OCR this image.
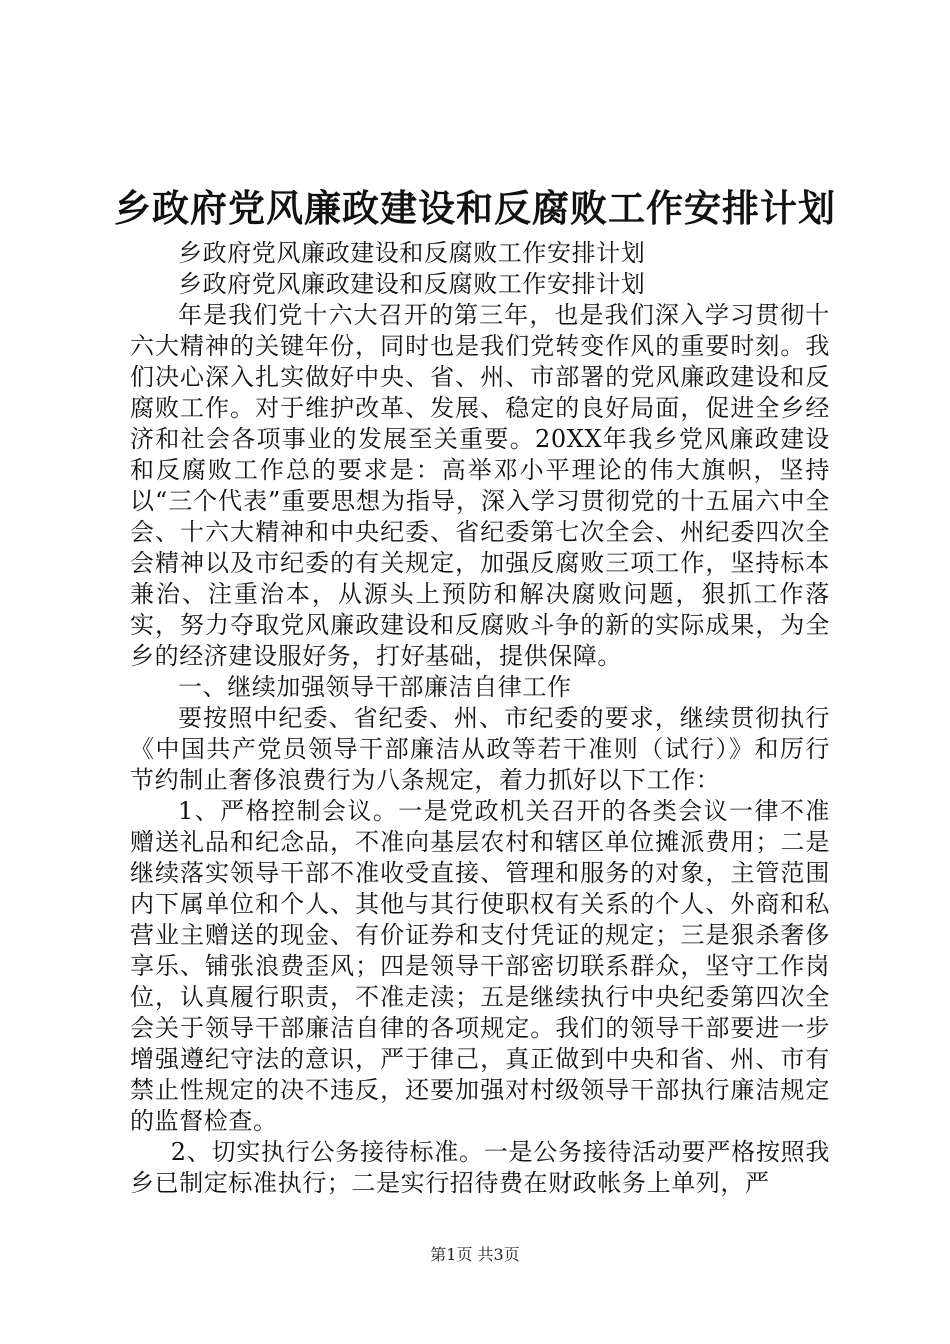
乡政府党风廉政建设和反腐败工作安排计划

乡政府党风廉政建设和反腐败工作安排计划

乡政府党风廉政建设和反腐败工作安排计划

年是我们党十六大召开的第三年，也是我们深入学习贯彻十六大精神的关键年份，同时也是我们党转变作风的重要时刻。我们决心深入扎实做好中央、省、州、市部署的党风廉政建设和反腐败工作。对于维护改革、发展、稳定的良好局面，促进全乡经济和社会各项事业的发展至关重要。20XX年我乡党风廉政建设和反腐败工作总的要求是：高举邓小平理论的伟大旗帜，坚持以“三个代表”重要思想为指导，深入学习贯彻党的十五届六中全会、十六大精神和中央纪委、省纪委第七次全会、州纪委四次全会精神以及市纪委的有关规定，加强反腐败三项工作，坚持标本兼治、注重治本，从源头上预防和解决腐败问题，狠抓工作落实，努力夺取党风廉政建设和反腐败斗争的新的实际成果，为全乡的经济建设服好务，打好基础，提供保障。

一、继续加强领导干部廉洁自律工作

要按照中纪委、省纪委、州、市纪委的要求，继续贯彻执行《中国共产党员领导干部廉洁从政等若干准则（试行）》和厉行节约制止奢侈浪费行为八条规定，着力抓好以下工作：

1、严格控制会议。一是党政机关召开的各类会议一律不准赠送礼品和纪念品，不准向基层农村和辖区单位摊派费用；二是继续落实领导干部不准收受直接、管理和服务的对象，主管范围内下属单位和个人、其他与其行使职权有关系的个人、外商和私营业主赠送的现金、有价证券和支付凭证的规定；三是狠杀奢侈享乐、铺张浪费歪风；四是领导干部密切联系群众，坚守工作岗位，认真履行职责，不准走渎；五是继续执行中央纪委第四次全会关于领导干部廉洁自律的各项规定。我们的领导干部要进一步增强遵纪守法的意识，严于律己，真正做到中央和省、州、市有禁止性规定的决不违反，还要加强对村级领导干部执行廉洁规定的监督检查。

2、切实执行公务接待标准。一是公务接待活动要严格按照我乡已制定标准执行；二是实行招待费在财政帐务上单列，严

第1页 共3页
